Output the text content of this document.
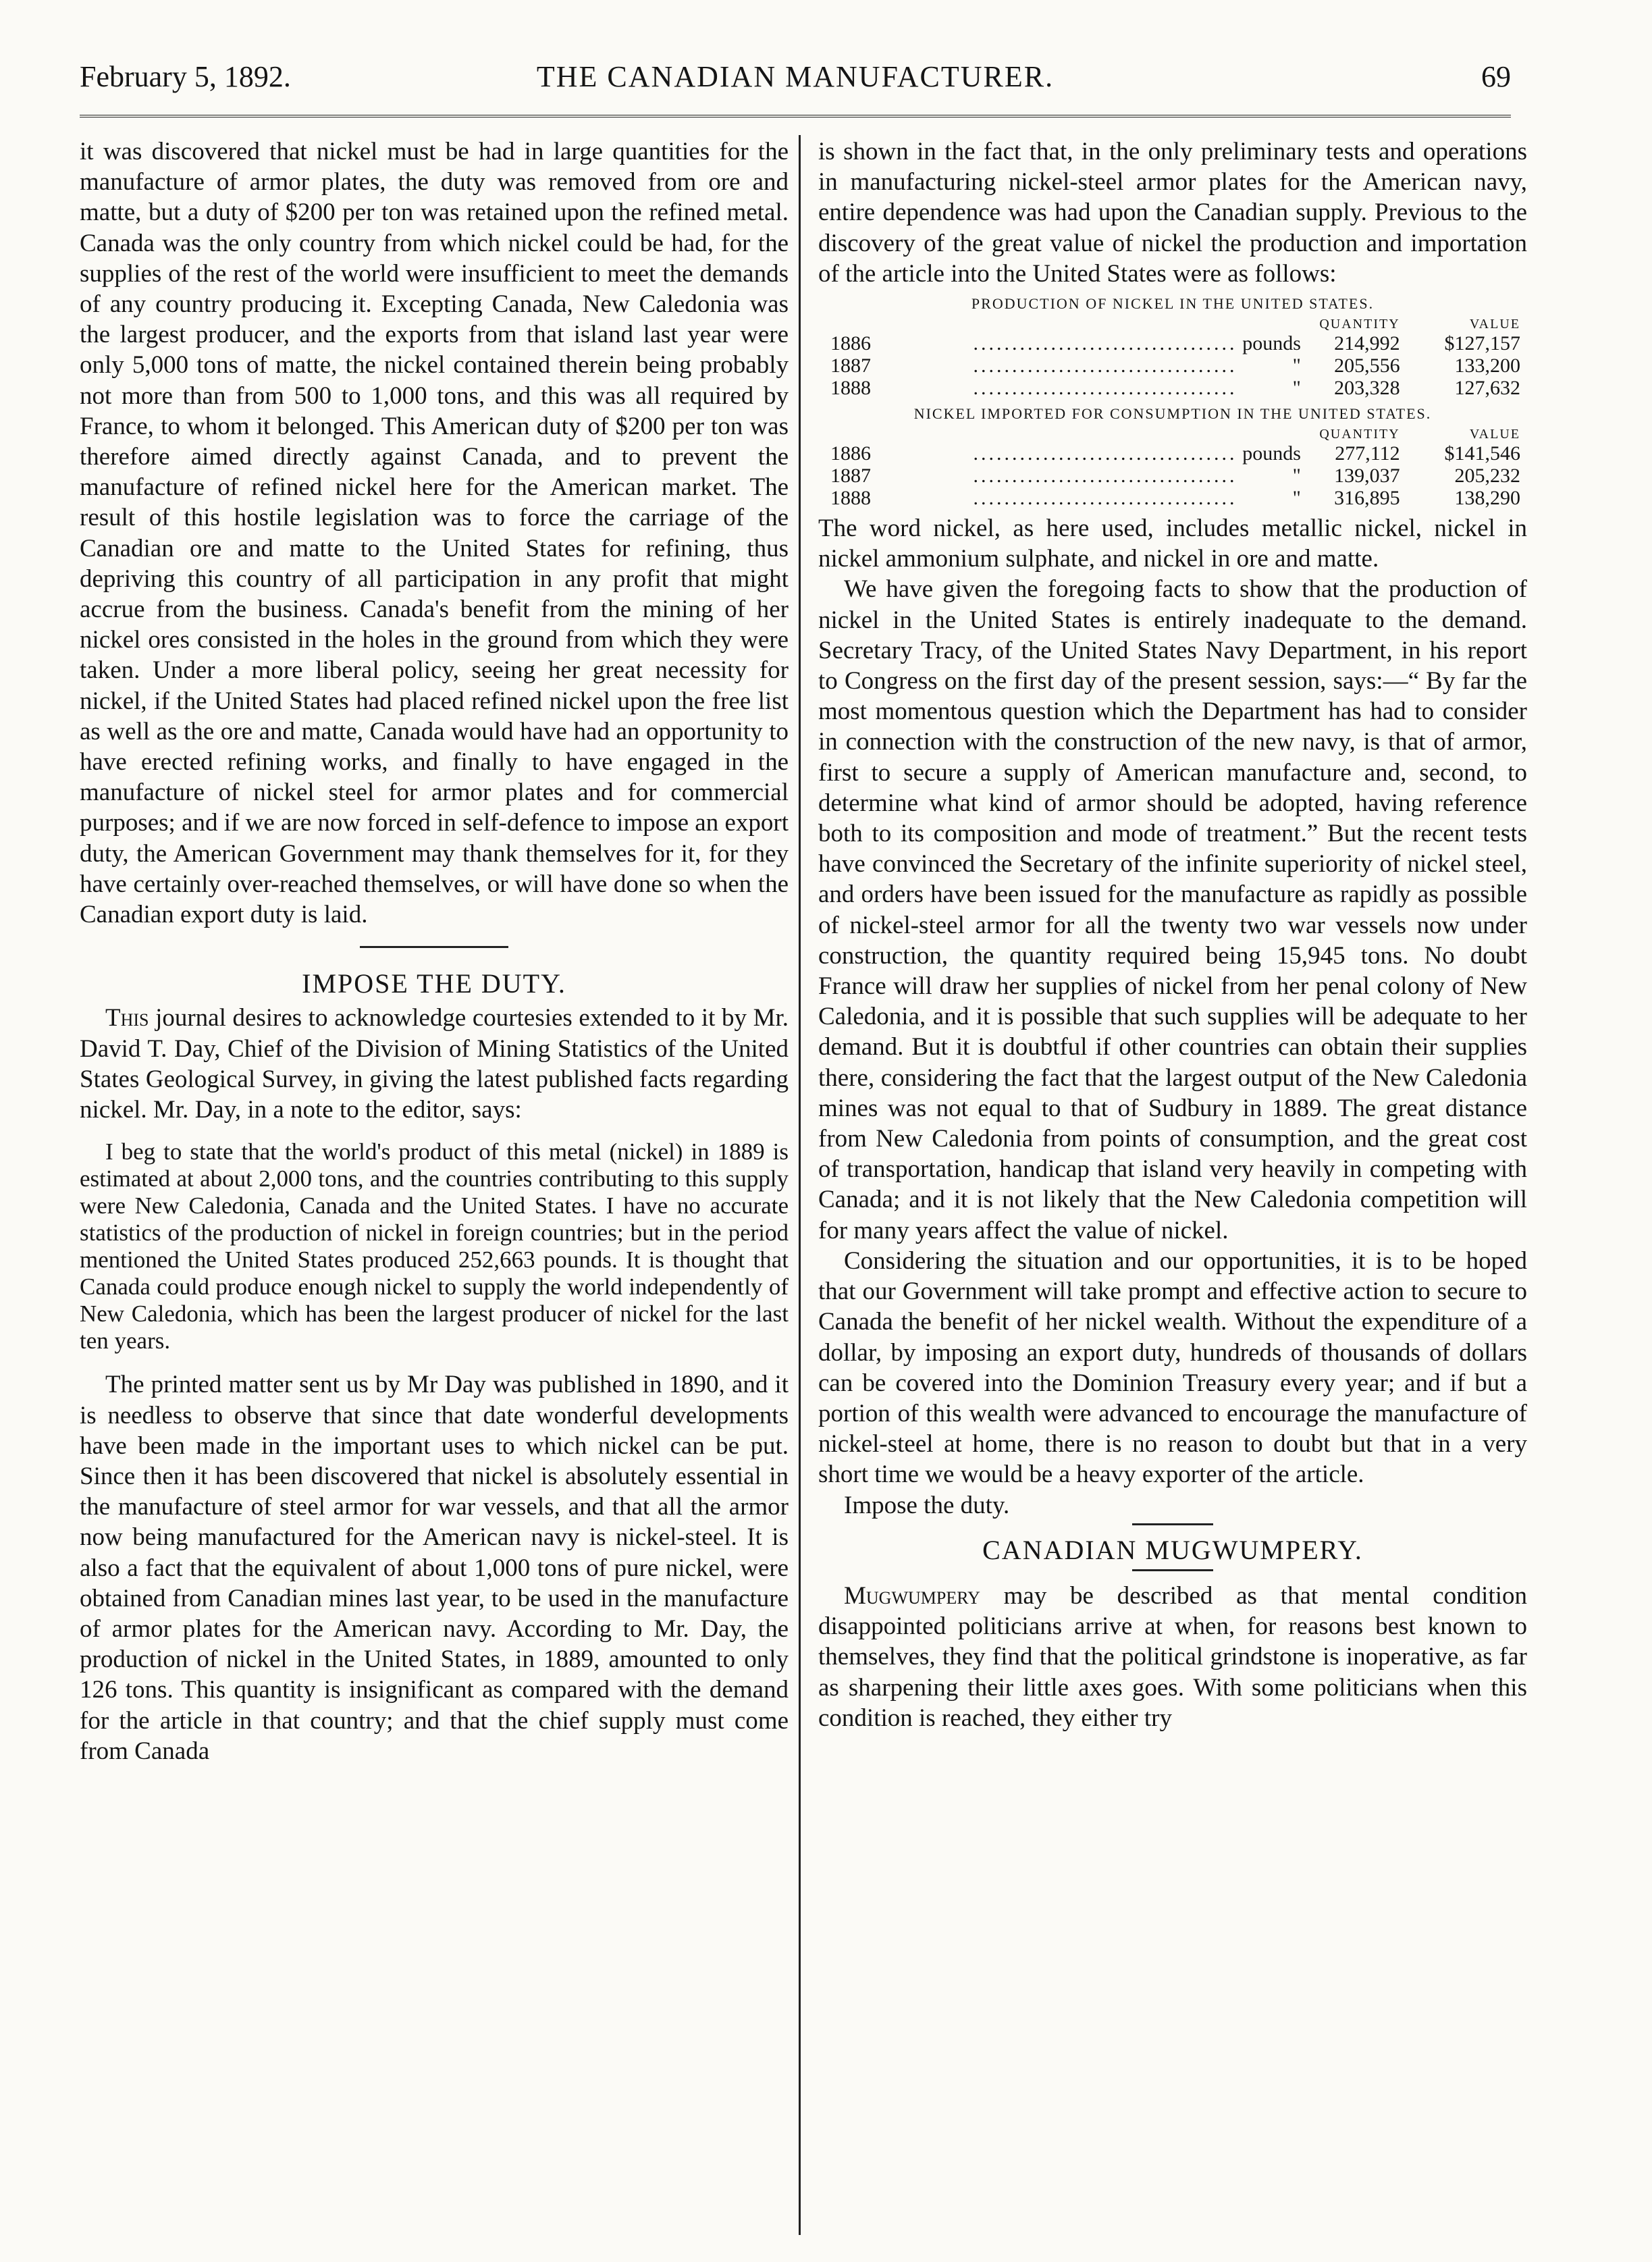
February 5, 1892.	THE CANADIAN MANUFACTURER.	69

it was discovered that nickel must be had in large quantities for the manufacture of armor plates, the duty was removed from ore and matte, but a duty of $200 per ton was retained upon the refined metal. Canada was the only country from which nickel could be had, for the supplies of the rest of the world were insufficient to meet the demands of any country producing it. Excepting Canada, New Caledonia was the largest producer, and the exports from that island last year were only 5,000 tons of matte, the nickel contained therein being probably not more than from 500 to 1,000 tons, and this was all required by France, to whom it belonged. This American duty of $200 per ton was therefore aimed directly against Canada, and to prevent the manufacture of refined nickel here for the American market. The result of this hostile legislation was to force the carriage of the Canadian ore and matte to the United States for refining, thus depriving this country of all participation in any profit that might accrue from the business. Canada's benefit from the mining of her nickel ores consisted in the holes in the ground from which they were taken. Under a more liberal policy, seeing her great necessity for nickel, if the United States had placed refined nickel upon the free list as well as the ore and matte, Canada would have had an opportunity to have erected refining works, and finally to have engaged in the manufacture of nickel steel for armor plates and for commercial purposes; and if we are now forced in self-defence to impose an export duty, the American Government may thank themselves for it, for they have certainly over-reached themselves, or will have done so when the Canadian export duty is laid.

IMPOSE THE DUTY.

This journal desires to acknowledge courtesies extended to it by Mr. David T. Day, Chief of the Division of Mining Statistics of the United States Geological Survey, in giving the latest published facts regarding nickel. Mr. Day, in a note to the editor, says:

I beg to state that the world's product of this metal (nickel) in 1889 is estimated at about 2,000 tons, and the countries contributing to this supply were New Caledonia, Canada and the United States. I have no accurate statistics of the production of nickel in foreign countries; but in the period mentioned the United States produced 252,663 pounds. It is thought that Canada could produce enough nickel to supply the world independently of New Caledonia, which has been the largest producer of nickel for the last ten years.

The printed matter sent us by Mr Day was published in 1890, and it is needless to observe that since that date wonderful developments have been made in the important uses to which nickel can be put. Since then it has been discovered that nickel is absolutely essential in the manufacture of steel armor for war vessels, and that all the armor now being manufactured for the American navy is nickel-steel. It is also a fact that the equivalent of about 1,000 tons of pure nickel, were obtained from Canadian mines last year, to be used in the manufacture of armor plates for the American navy. According to Mr. Day, the production of nickel in the United States, in 1889, amounted to only 126 tons. This quantity is insignificant as compared with the demand for the article in that country; and that the chief supply must come from Canada

is shown in the fact that, in the only preliminary tests and operations in manufacturing nickel-steel armor plates for the American navy, entire dependence was had upon the Canadian supply. Previous to the discovery of the great value of nickel the production and importation of the article into the United States were as follows:

PRODUCTION OF NICKEL IN THE UNITED STATES.
			QUANTITY	VALUE
1886	..................................	pounds	214,992	$127,157
1887	..................................	"	205,556	133,200
1888	..................................	"	203,328	127,632
NICKEL IMPORTED FOR CONSUMPTION IN THE UNITED STATES.
			QUANTITY	VALUE
1886	..................................	pounds	277,112	$141,546
1887	..................................	"	139,037	205,232
1888	..................................	"	316,895	138,290

The word nickel, as here used, includes metallic nickel, nickel in nickel ammonium sulphate, and nickel in ore and matte.

We have given the foregoing facts to show that the production of nickel in the United States is entirely inadequate to the demand. Secretary Tracy, of the United States Navy Department, in his report to Congress on the first day of the present session, says:—“ By far the most momentous question which the Department has had to consider in connection with the construction of the new navy, is that of armor, first to secure a supply of American manufacture and, second, to determine what kind of armor should be adopted, having reference both to its composition and mode of treatment.” But the recent tests have convinced the Secretary of the infinite superiority of nickel steel, and orders have been issued for the manufacture as rapidly as possible of nickel-steel armor for all the twenty two war vessels now under construction, the quantity required being 15,945 tons. No doubt France will draw her supplies of nickel from her penal colony of New Caledonia, and it is possible that such supplies will be adequate to her demand. But it is doubtful if other countries can obtain their supplies there, considering the fact that the largest output of the New Caledonia mines was not equal to that of Sudbury in 1889. The great distance from New Caledonia from points of consumption, and the great cost of transportation, handicap that island very heavily in competing with Canada; and it is not likely that the New Caledonia competition will for many years affect the value of nickel.

Considering the situation and our opportunities, it is to be hoped that our Government will take prompt and effective action to secure to Canada the benefit of her nickel wealth. Without the expenditure of a dollar, by imposing an export duty, hundreds of thousands of dollars can be covered into the Dominion Treasury every year; and if but a portion of this wealth were advanced to encourage the manufacture of nickel-steel at home, there is no reason to doubt but that in a very short time we would be a heavy exporter of the article.

Impose the duty.

CANADIAN MUGWUMPERY.

Mugwumpery may be described as that mental condition disappointed politicians arrive at when, for reasons best known to themselves, they find that the political grindstone is inoperative, as far as sharpening their little axes goes. With some politicians when this condition is reached, they either try
